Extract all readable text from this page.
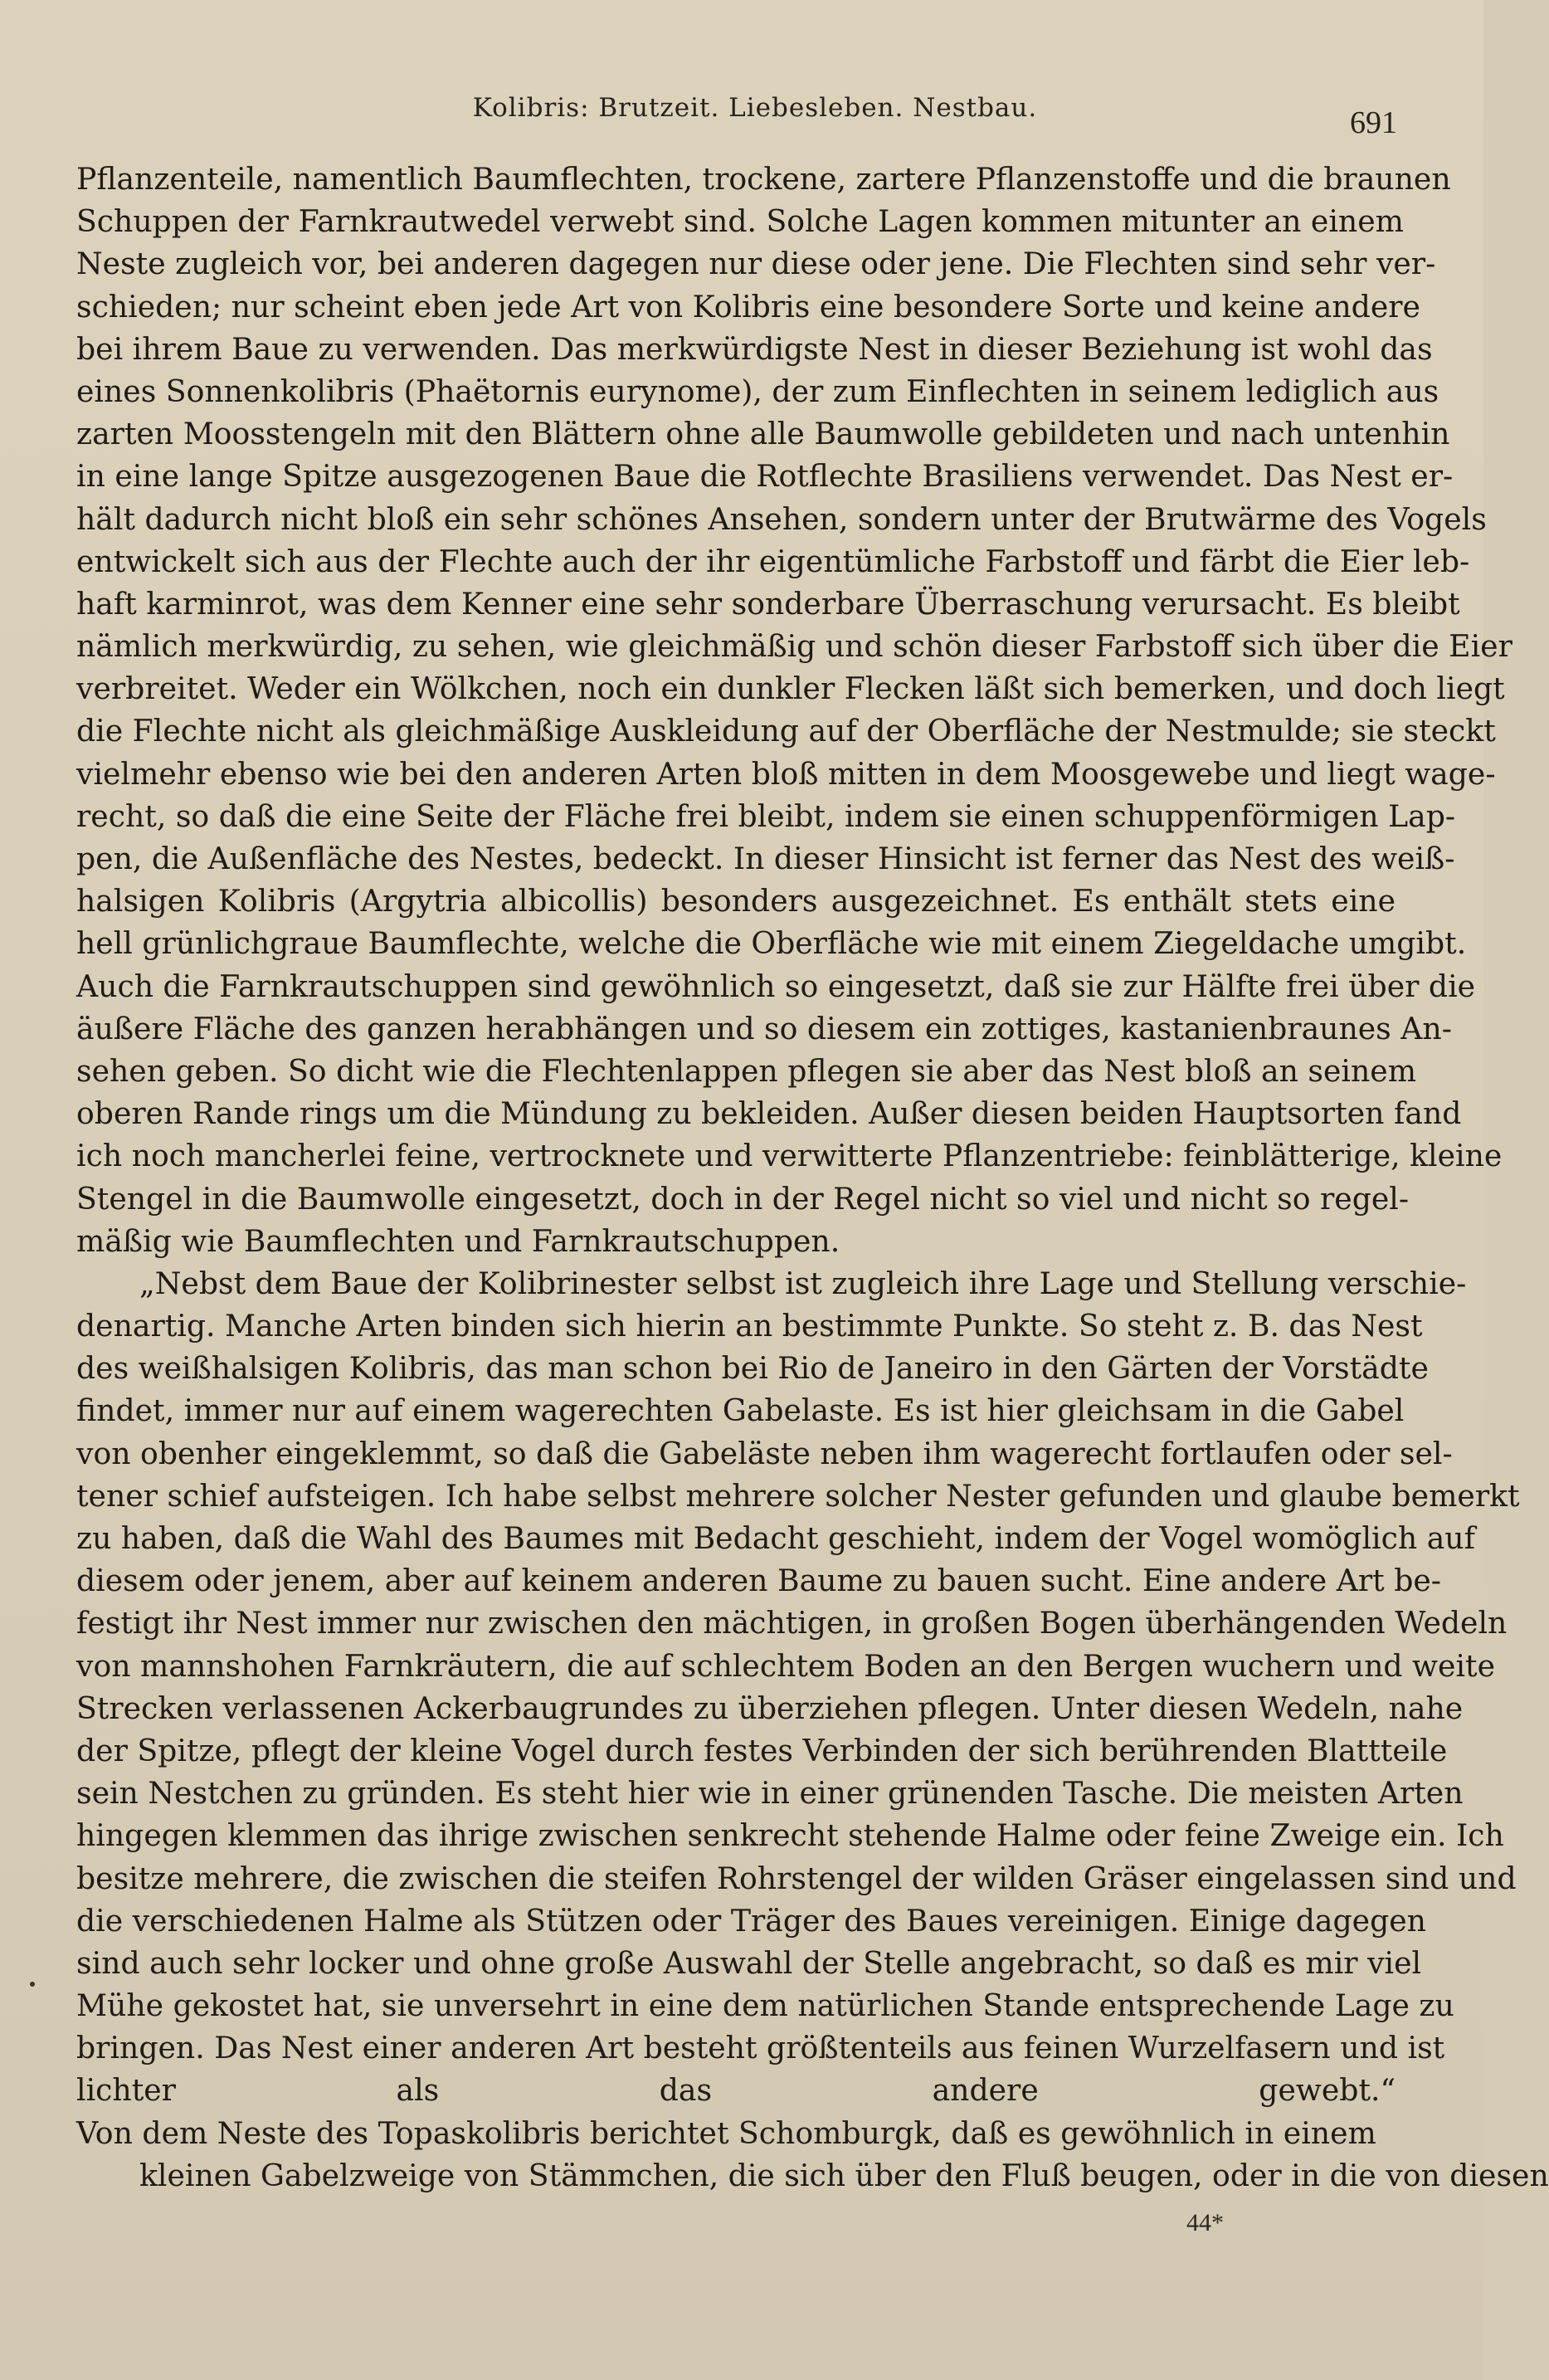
Kolibris: Brutzeit. Liebesleben. Nestbau.	691
Pflanzenteile, namentlich Baumflechten, trockene, zartere Pflanzenstoffe und die braunen
Schuppen der Farnkrautwedel verwebt sind. Solche Lagen kommen mitunter an einem
Neste zugleich vor, bei anderen dagegen nur diese oder jene. Die Flechten sind sehr ver-
schieden; nur scheint eben jede Art von Kolibris eine besondere Sorte und keine andere
bei ihrem Baue zu verwenden. Das merkwürdigste Nest in dieser Beziehung ist wohl das
eines Sonnenkolibris (Phaëtornis eurynome), der zum Einflechten in seinem lediglich aus
zarten Moosstengeln mit den Blättern ohne alle Baumwolle gebildeten und nach untenhin
in eine lange Spitze ausgezogenen Baue die Rotflechte Brasiliens verwendet. Das Nest er-
hält dadurch nicht bloß ein sehr schönes Ansehen, sondern unter der Brutwärme des Vogels
entwickelt sich aus der Flechte auch der ihr eigentümliche Farbstoff und färbt die Eier leb-
haft karminrot, was dem Kenner eine sehr sonderbare Überraschung verursacht. Es bleibt
nämlich merkwürdig, zu sehen, wie gleichmäßig und schön dieser Farbstoff sich über die Eier
verbreitet. Weder ein Wölkchen, noch ein dunkler Flecken läßt sich bemerken, und doch liegt
die Flechte nicht als gleichmäßige Auskleidung auf der Oberfläche der Nestmulde; sie steckt
vielmehr ebenso wie bei den anderen Arten bloß mitten in dem Moosgewebe und liegt wage-
recht, so daß die eine Seite der Fläche frei bleibt, indem sie einen schuppenförmigen Lap-
pen, die Außenfläche des Nestes, bedeckt. In dieser Hinsicht ist ferner das Nest des weiß-
halsigen Kolibris (Argytria albicollis) besonders ausgezeichnet. Es enthält stets eine
hell grünlichgraue Baumflechte, welche die Oberfläche wie mit einem Ziegeldache umgibt.
Auch die Farnkrautschuppen sind gewöhnlich so eingesetzt, daß sie zur Hälfte frei über die
äußere Fläche des ganzen herabhängen und so diesem ein zottiges, kastanienbraunes An-
sehen geben. So dicht wie die Flechtenlappen pflegen sie aber das Nest bloß an seinem
oberen Rande rings um die Mündung zu bekleiden. Außer diesen beiden Hauptsorten fand
ich noch mancherlei feine, vertrocknete und verwitterte Pflanzentriebe: feinblätterige, kleine
Stengel in die Baumwolle eingesetzt, doch in der Regel nicht so viel und nicht so regel-
mäßig wie Baumflechten und Farnkrautschuppen.
„Nebst dem Baue der Kolibrinester selbst ist zugleich ihre Lage und Stellung verschie-
denartig. Manche Arten binden sich hierin an bestimmte Punkte. So steht z. B. das Nest
des weißhalsigen Kolibris, das man schon bei Rio de Janeiro in den Gärten der Vorstädte
findet, immer nur auf einem wagerechten Gabelaste. Es ist hier gleichsam in die Gabel
von obenher eingeklemmt, so daß die Gabeläste neben ihm wagerecht fortlaufen oder sel-
tener schief aufsteigen. Ich habe selbst mehrere solcher Nester gefunden und glaube bemerkt
zu haben, daß die Wahl des Baumes mit Bedacht geschieht, indem der Vogel womöglich auf
diesem oder jenem, aber auf keinem anderen Baume zu bauen sucht. Eine andere Art be-
festigt ihr Nest immer nur zwischen den mächtigen, in großen Bogen überhängenden Wedeln
von mannshohen Farnkräutern, die auf schlechtem Boden an den Bergen wuchern und weite
Strecken verlassenen Ackerbaugrundes zu überziehen pflegen. Unter diesen Wedeln, nahe
der Spitze, pflegt der kleine Vogel durch festes Verbinden der sich berührenden Blattteile
sein Nestchen zu gründen. Es steht hier wie in einer grünenden Tasche. Die meisten Arten
hingegen klemmen das ihrige zwischen senkrecht stehende Halme oder feine Zweige ein. Ich
besitze mehrere, die zwischen die steifen Rohrstengel der wilden Gräser eingelassen sind und
die verschiedenen Halme als Stützen oder Träger des Baues vereinigen. Einige dagegen
sind auch sehr locker und ohne große Auswahl der Stelle angebracht, so daß es mir viel
Mühe gekostet hat, sie unversehrt in eine dem natürlichen Stande entsprechende Lage zu
bringen. Das Nest einer anderen Art besteht größtenteils aus feinen Wurzelfasern und ist
lichter als das andere gewebt.“
Von dem Neste des Topaskolibris berichtet Schomburgk, daß es gewöhnlich in einem
kleinen Gabelzweige von Stämmchen, die sich über den Fluß beugen, oder in die von diesen
44*
